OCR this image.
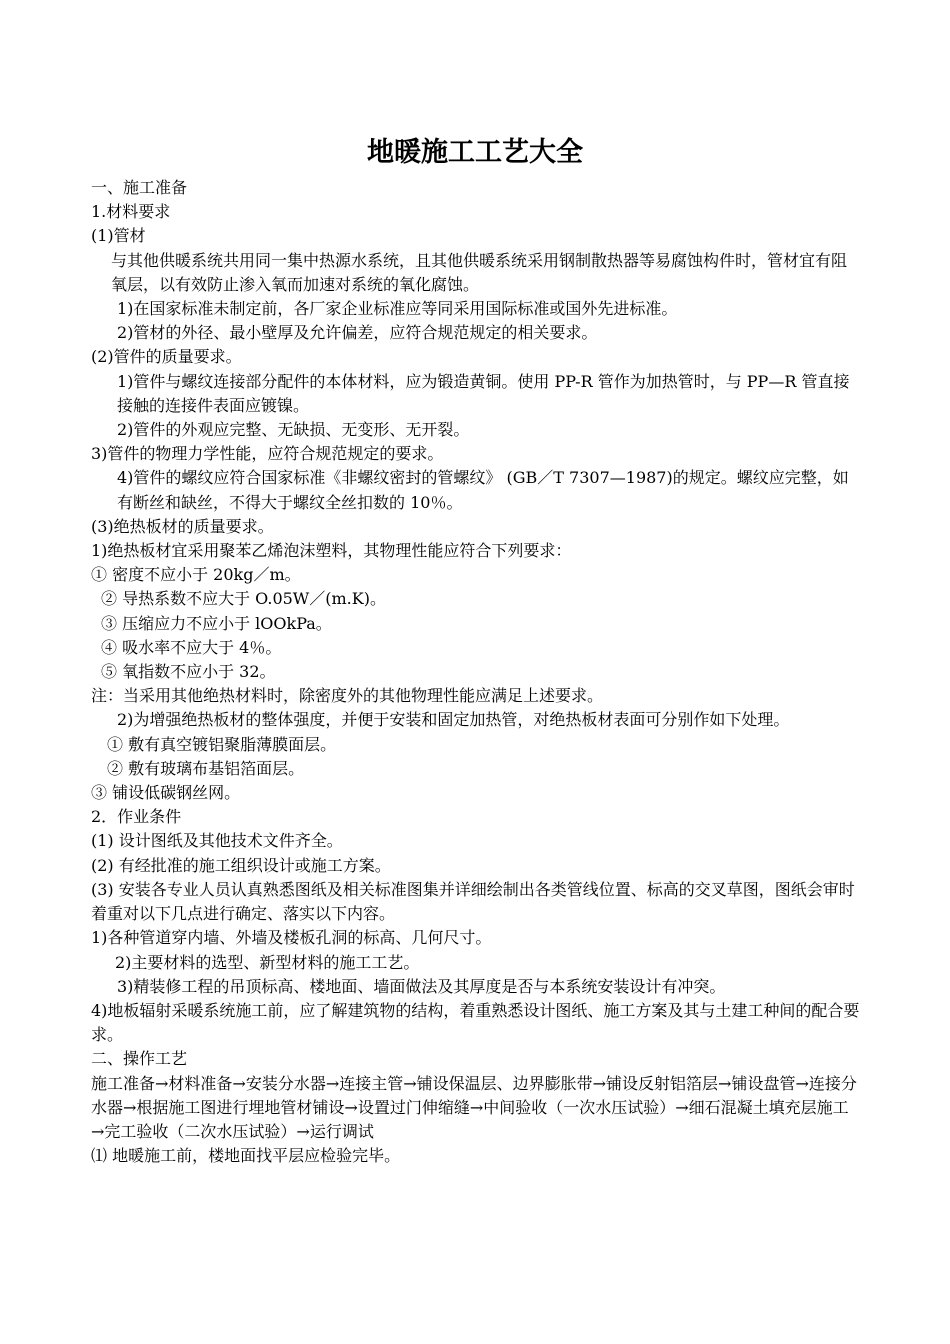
地暖施工工艺大全

一、施工准备

1.材料要求

(1)管材

与其他供暖系统共用同一集中热源水系统，且其他供暖系统采用钢制散热器等易腐蚀构件时，管材宜有阻氧层，以有效防止渗入氧而加速对系统的氧化腐蚀。

1)在国家标准未制定前，各厂家企业标准应等同采用国际标准或国外先进标准。

2)管材的外径、最小壁厚及允许偏差，应符合规范规定的相关要求。

(2)管件的质量要求。

1)管件与螺纹连接部分配件的本体材料，应为锻造黄铜。使用 PP-R 管作为加热管时，与 PP—R 管直接接触的连接件表面应镀镍。

2)管件的外观应完整、无缺损、无变形、无开裂。

3)管件的物理力学性能，应符合规范规定的要求。

4)管件的螺纹应符合国家标准《非螺纹密封的管螺纹》 (GB／T 7307—1987)的规定。螺纹应完整，如有断丝和缺丝，不得大于螺纹全丝扣数的 10％。

(3)绝热板材的质量要求。

1)绝热板材宜采用聚苯乙烯泡沫塑料，其物理性能应符合下列要求：

① 密度不应小于 20kg／m。

② 导热系数不应大于 O.05W／(m.K)。

③ 压缩应力不应小于 lOOkPa。

④ 吸水率不应大于 4％。

⑤ 氧指数不应小于 32。

注：当采用其他绝热材料时，除密度外的其他物理性能应满足上述要求。

2)为增强绝热板材的整体强度，并便于安装和固定加热管，对绝热板材表面可分别作如下处理。

① 敷有真空镀铝聚脂薄膜面层。

② 敷有玻璃布基铝箔面层。

③ 铺设低碳钢丝网。

2．作业条件

(1) 设计图纸及其他技术文件齐全。

(2) 有经批准的施工组织设计或施工方案。

(3) 安装各专业人员认真熟悉图纸及相关标准图集并详细绘制出各类管线位置、标高的交叉草图，图纸会审时着重对以下几点进行确定、落实以下内容。

1)各种管道穿内墙、外墙及楼板孔洞的标高、几何尺寸。

2)主要材料的选型、新型材料的施工工艺。

3)精装修工程的吊顶标高、楼地面、墙面做法及其厚度是否与本系统安装设计有冲突。

4)地板辐射采暖系统施工前，应了解建筑物的结构，着重熟悉设计图纸、施工方案及其与土建工种间的配合要求。

二、操作工艺

施工准备→材料准备→安装分水器→连接主管→铺设保温层、边界膨胀带→铺设反射铝箔层→铺设盘管→连接分水器→根据施工图进行埋地管材铺设→设置过门伸缩缝→中间验收（一次水压试验）→细石混凝土填充层施工→完工验收（二次水压试验）→运行调试

⑴ 地暖施工前，楼地面找平层应检验完毕。
